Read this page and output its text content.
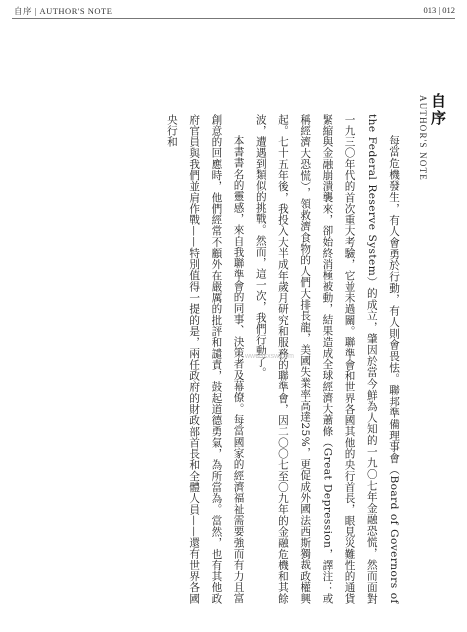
自序 | AUTHOR'S NOTE	013 | 012
自序
AUTHOR'S NOTE

每當危機發生，有人會勇於行動，有人則會畏怯。聯邦準備理事會（Board of Governors of the Federal Reserve System）的成立，肇因於當今鮮為人知的一九〇七年金融恐慌，然而面對一九三〇年代的首次重大考驗，它並未過關。聯準會和世界各國其他的央行首長，眼見災難性的通貨緊縮與金融崩潰襲來，卻始終消極被動，結果造成全球經濟大蕭條（Great Depression，譯注：或稱經濟大恐慌），領救濟食物的人們大排長龍，美國失業率高達25%，更促成外國法西斯獨裁政權興起。七十五年後，我投入大半成年歲月研究和服務的聯準會，因二〇〇七至〇九年的金融危機和其餘波，遭遇到類似的挑戰。然而，這一次，我們行動了。

本書書名的靈感，來自我聯準會的同事、決策者及幕僚。每當國家的經濟福祉需要強而有力且富創意的回應時，他們經常不顧外在嚴厲的批評和譴責，鼓起道德勇氣，為所當為。當然，也有其他政府官員與我們並肩作戰——特別值得一提的是，兩任政府的財政部首長和全體人員——還有世界各國央行和

www.tsxsw.com
